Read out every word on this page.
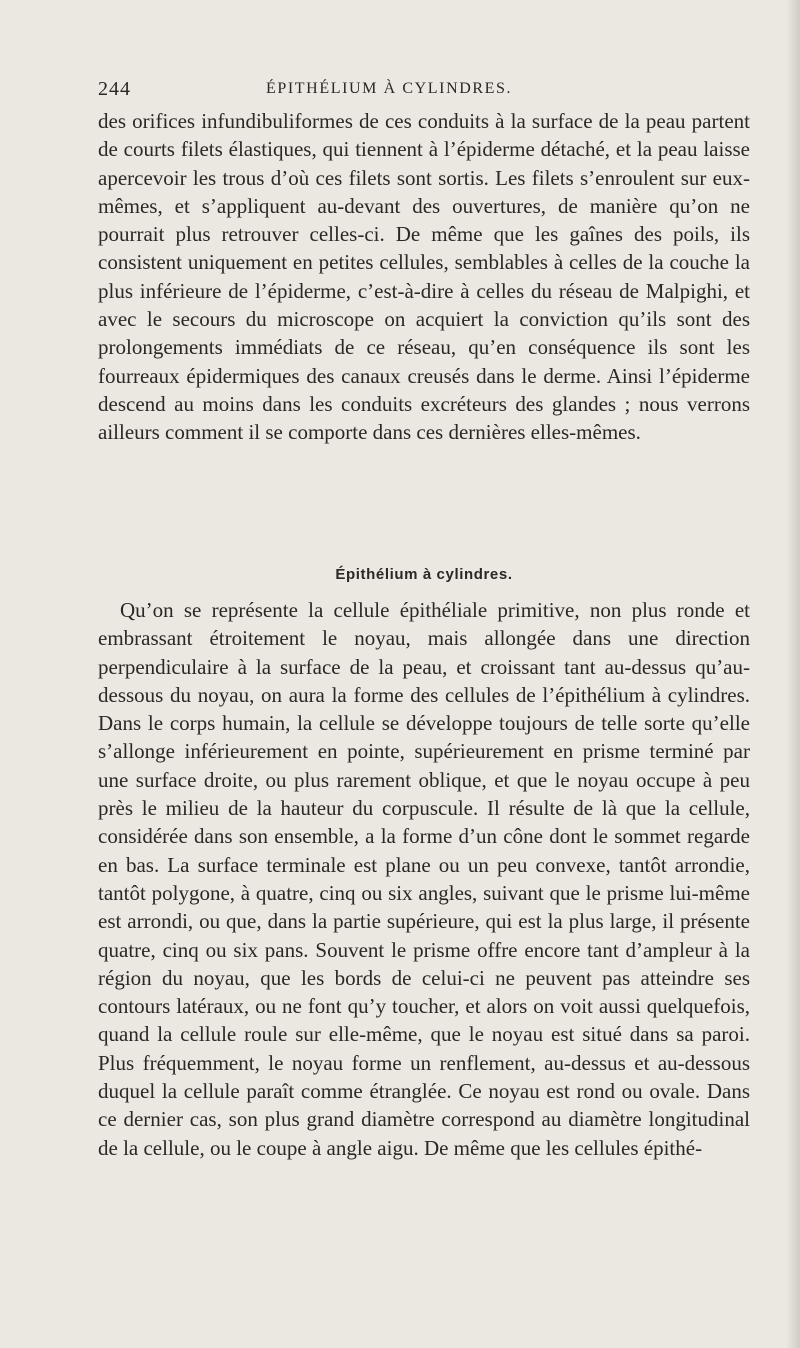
244	ÉPITHÉLIUM À CYLINDRES.

des orifices infundibuliformes de ces conduits à la surface de la peau partent de courts filets élastiques, qui tiennent à l’épiderme détaché, et la peau laisse apercevoir les trous d’où ces filets sont sortis. Les filets s’enroulent sur eux-mêmes, et s’appliquent au-devant des ouvertures, de manière qu’on ne pourrait plus retrouver celles-ci. De même que les gaînes des poils, ils consistent uniquement en petites cellules, semblables à celles de la couche la plus inférieure de l’épiderme, c’est-à-dire à celles du réseau de Malpighi, et avec le secours du microscope on acquiert la conviction qu’ils sont des prolongements immédiats de ce réseau, qu’en conséquence ils sont les fourreaux épidermiques des canaux creusés dans le derme. Ainsi l’épiderme descend au moins dans les conduits excréteurs des glandes ; nous verrons ailleurs comment il se comporte dans ces dernières elles-mêmes.

Épithélium à cylindres.

Qu’on se représente la cellule épithéliale primitive, non plus ronde et embrassant étroitement le noyau, mais allongée dans une direction perpendiculaire à la surface de la peau, et croissant tant au-dessus qu’au-dessous du noyau, on aura la forme des cellules de l’épithélium à cylindres. Dans le corps humain, la cellule se développe toujours de telle sorte qu’elle s’allonge inférieurement en pointe, supérieurement en prisme terminé par une surface droite, ou plus rarement oblique, et que le noyau occupe à peu près le milieu de la hauteur du corpuscule. Il résulte de là que la cellule, considérée dans son ensemble, a la forme d’un cône dont le sommet regarde en bas. La surface terminale est plane ou un peu convexe, tantôt arrondie, tantôt polygone, à quatre, cinq ou six angles, suivant que le prisme lui-même est arrondi, ou que, dans la partie supérieure, qui est la plus large, il présente quatre, cinq ou six pans. Souvent le prisme offre encore tant d’ampleur à la région du noyau, que les bords de celui-ci ne peuvent pas atteindre ses contours latéraux, ou ne font qu’y toucher, et alors on voit aussi quelquefois, quand la cellule roule sur elle-même, que le noyau est situé dans sa paroi. Plus fréquemment, le noyau forme un renflement, au-dessus et au-dessous duquel la cellule paraît comme étranglée. Ce noyau est rond ou ovale. Dans ce dernier cas, son plus grand diamètre correspond au diamètre longitudinal de la cellule, ou le coupe à angle aigu. De même que les cellules épithé-
